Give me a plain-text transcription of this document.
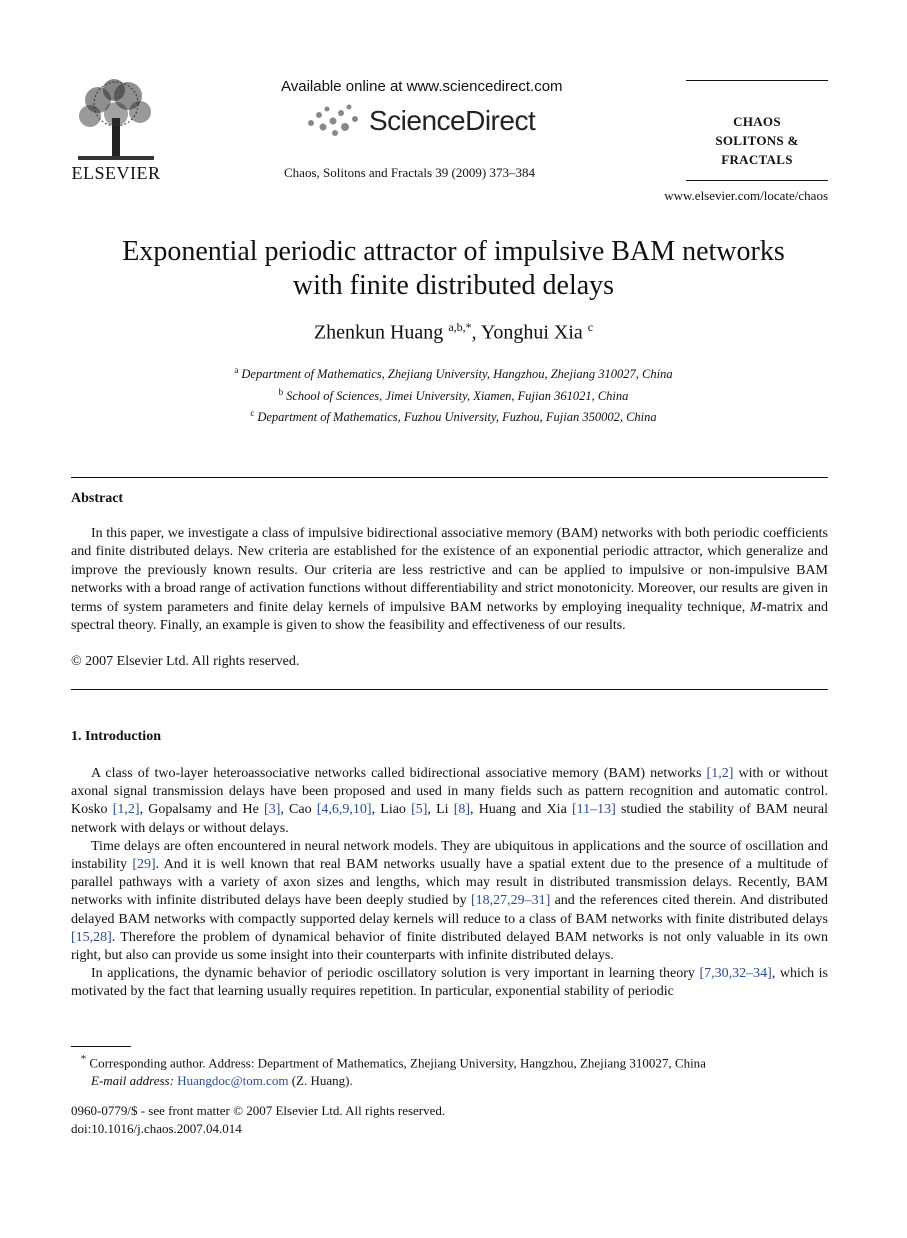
ELSEVIER
Available online at www.sciencedirect.com
ScienceDirect
Chaos, Solitons and Fractals 39 (2009) 373–384
CHAOS
SOLITONS & FRACTALS
www.elsevier.com/locate/chaos
Exponential periodic attractor of impulsive BAM networks
with finite distributed delays
Zhenkun Huang $^{a,b,*}$, Yonghui Xia $^c$
$^a$ Department of Mathematics, Zhejiang University, Hangzhou, Zhejiang 310027, China
$^b$ School of Sciences, Jimei University, Xiamen, Fujian 361021, China
$^c$ Department of Mathematics, Fuzhou University, Fuzhou, Fujian 350002, China
Abstract

In this paper, we investigate a class of impulsive bidirectional associative memory (BAM) networks with both periodic coefficients and finite distributed delays. New criteria are established for the existence of an exponential periodic attractor, which generalize and improve the previously known results. Our criteria are less restrictive and can be applied to impulsive or non-impulsive BAM networks with a broad range of activation functions without differentiability and strict monotonicity. Moreover, our results are given in terms of system parameters and finite delay kernels of impulsive BAM networks by employing inequality technique, M-matrix and spectral theory. Finally, an example is given to show the feasibility and effectiveness of our results.

© 2007 Elsevier Ltd. All rights reserved.
1. Introduction

A class of two-layer heteroassociative networks called bidirectional associative memory (BAM) networks [1,2] with or without axonal signal transmission delays have been proposed and used in many fields such as pattern recognition and automatic control. Kosko [1,2], Gopalsamy and He [3], Cao [4,6,9,10], Liao [5], Li [8], Huang and Xia [11–13] studied the stability of BAM neural network with delays or without delays.

Time delays are often encountered in neural network models. They are ubiquitous in applications and the source of oscillation and instability [29]. And it is well known that real BAM networks usually have a spatial extent due to the presence of a multitude of parallel pathways with a variety of axon sizes and lengths, which may result in distributed transmission delays. Recently, BAM networks with infinite distributed delays have been deeply studied by [18,27,29–31] and the references cited therein. And distributed delayed BAM networks with compactly supported delay kernels will reduce to a class of BAM networks with finite distributed delays [15,28]. Therefore the problem of dynamical behavior of finite distributed delayed BAM networks is not only valuable in its own right, but also can provide us some insight into their counterparts with infinite distributed delays.

In applications, the dynamic behavior of periodic oscillatory solution is very important in learning theory [7,30,32–34], which is motivated by the fact that learning usually requires repetition. In particular, exponential stability of periodic

* Corresponding author. Address: Department of Mathematics, Zhejiang University, Hangzhou, Zhejiang 310027, China
E-mail address: Huangdoc@tom.com (Z. Huang).
0960-0779/$ - see front matter © 2007 Elsevier Ltd. All rights reserved.
doi:10.1016/j.chaos.2007.04.014
